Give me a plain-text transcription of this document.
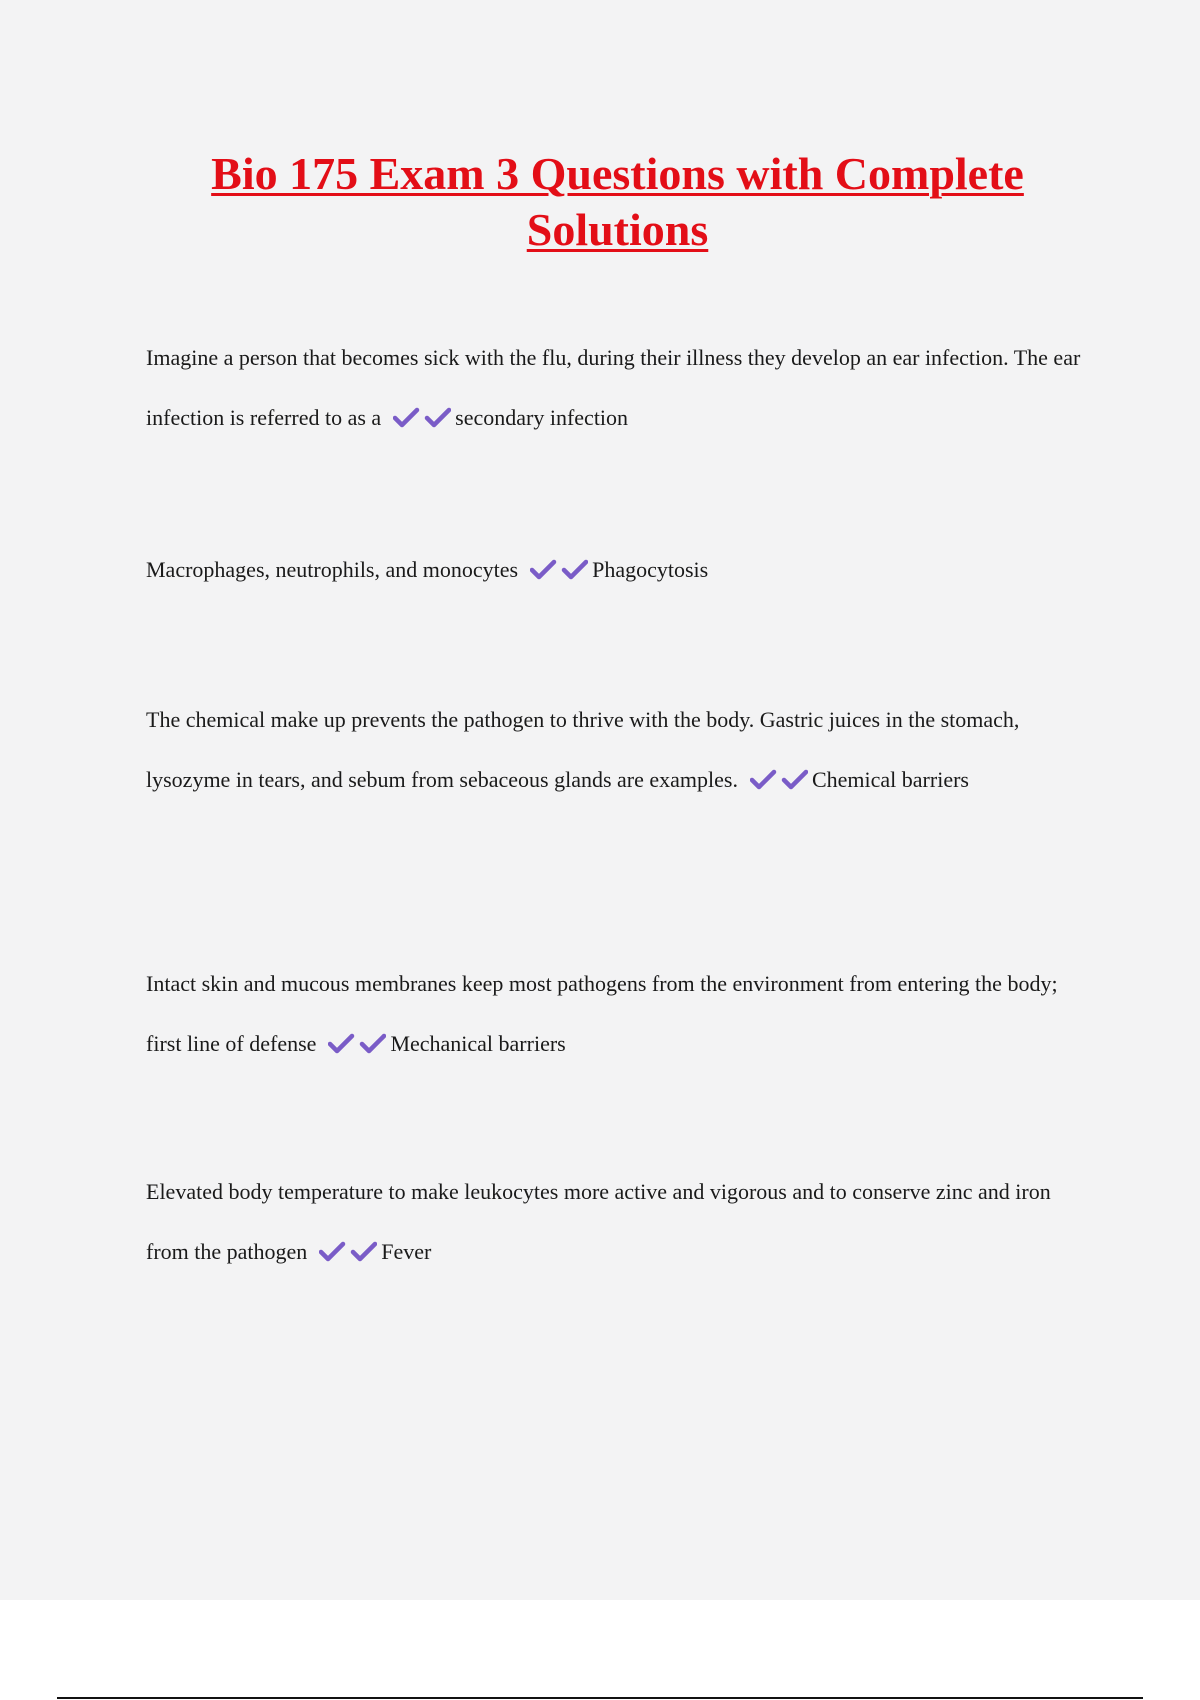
Bio 175 Exam 3 Questions with Complete Solutions

Imagine a person that becomes sick with the flu, during their illness they develop an ear infection. The ear infection is referred to as a	secondary infection

Macrophages, neutrophils, and monocytes	Phagocytosis

The chemical make up prevents the pathogen to thrive with the body. Gastric juices in the stomach, lysozyme in tears, and sebum from sebaceous glands are examples.	Chemical barriers

Intact skin and mucous membranes keep most pathogens from the environment from entering the body; first line of defense	Mechanical barriers

Elevated body temperature to make leukocytes more active and vigorous and to conserve zinc and iron from the pathogen	Fever
